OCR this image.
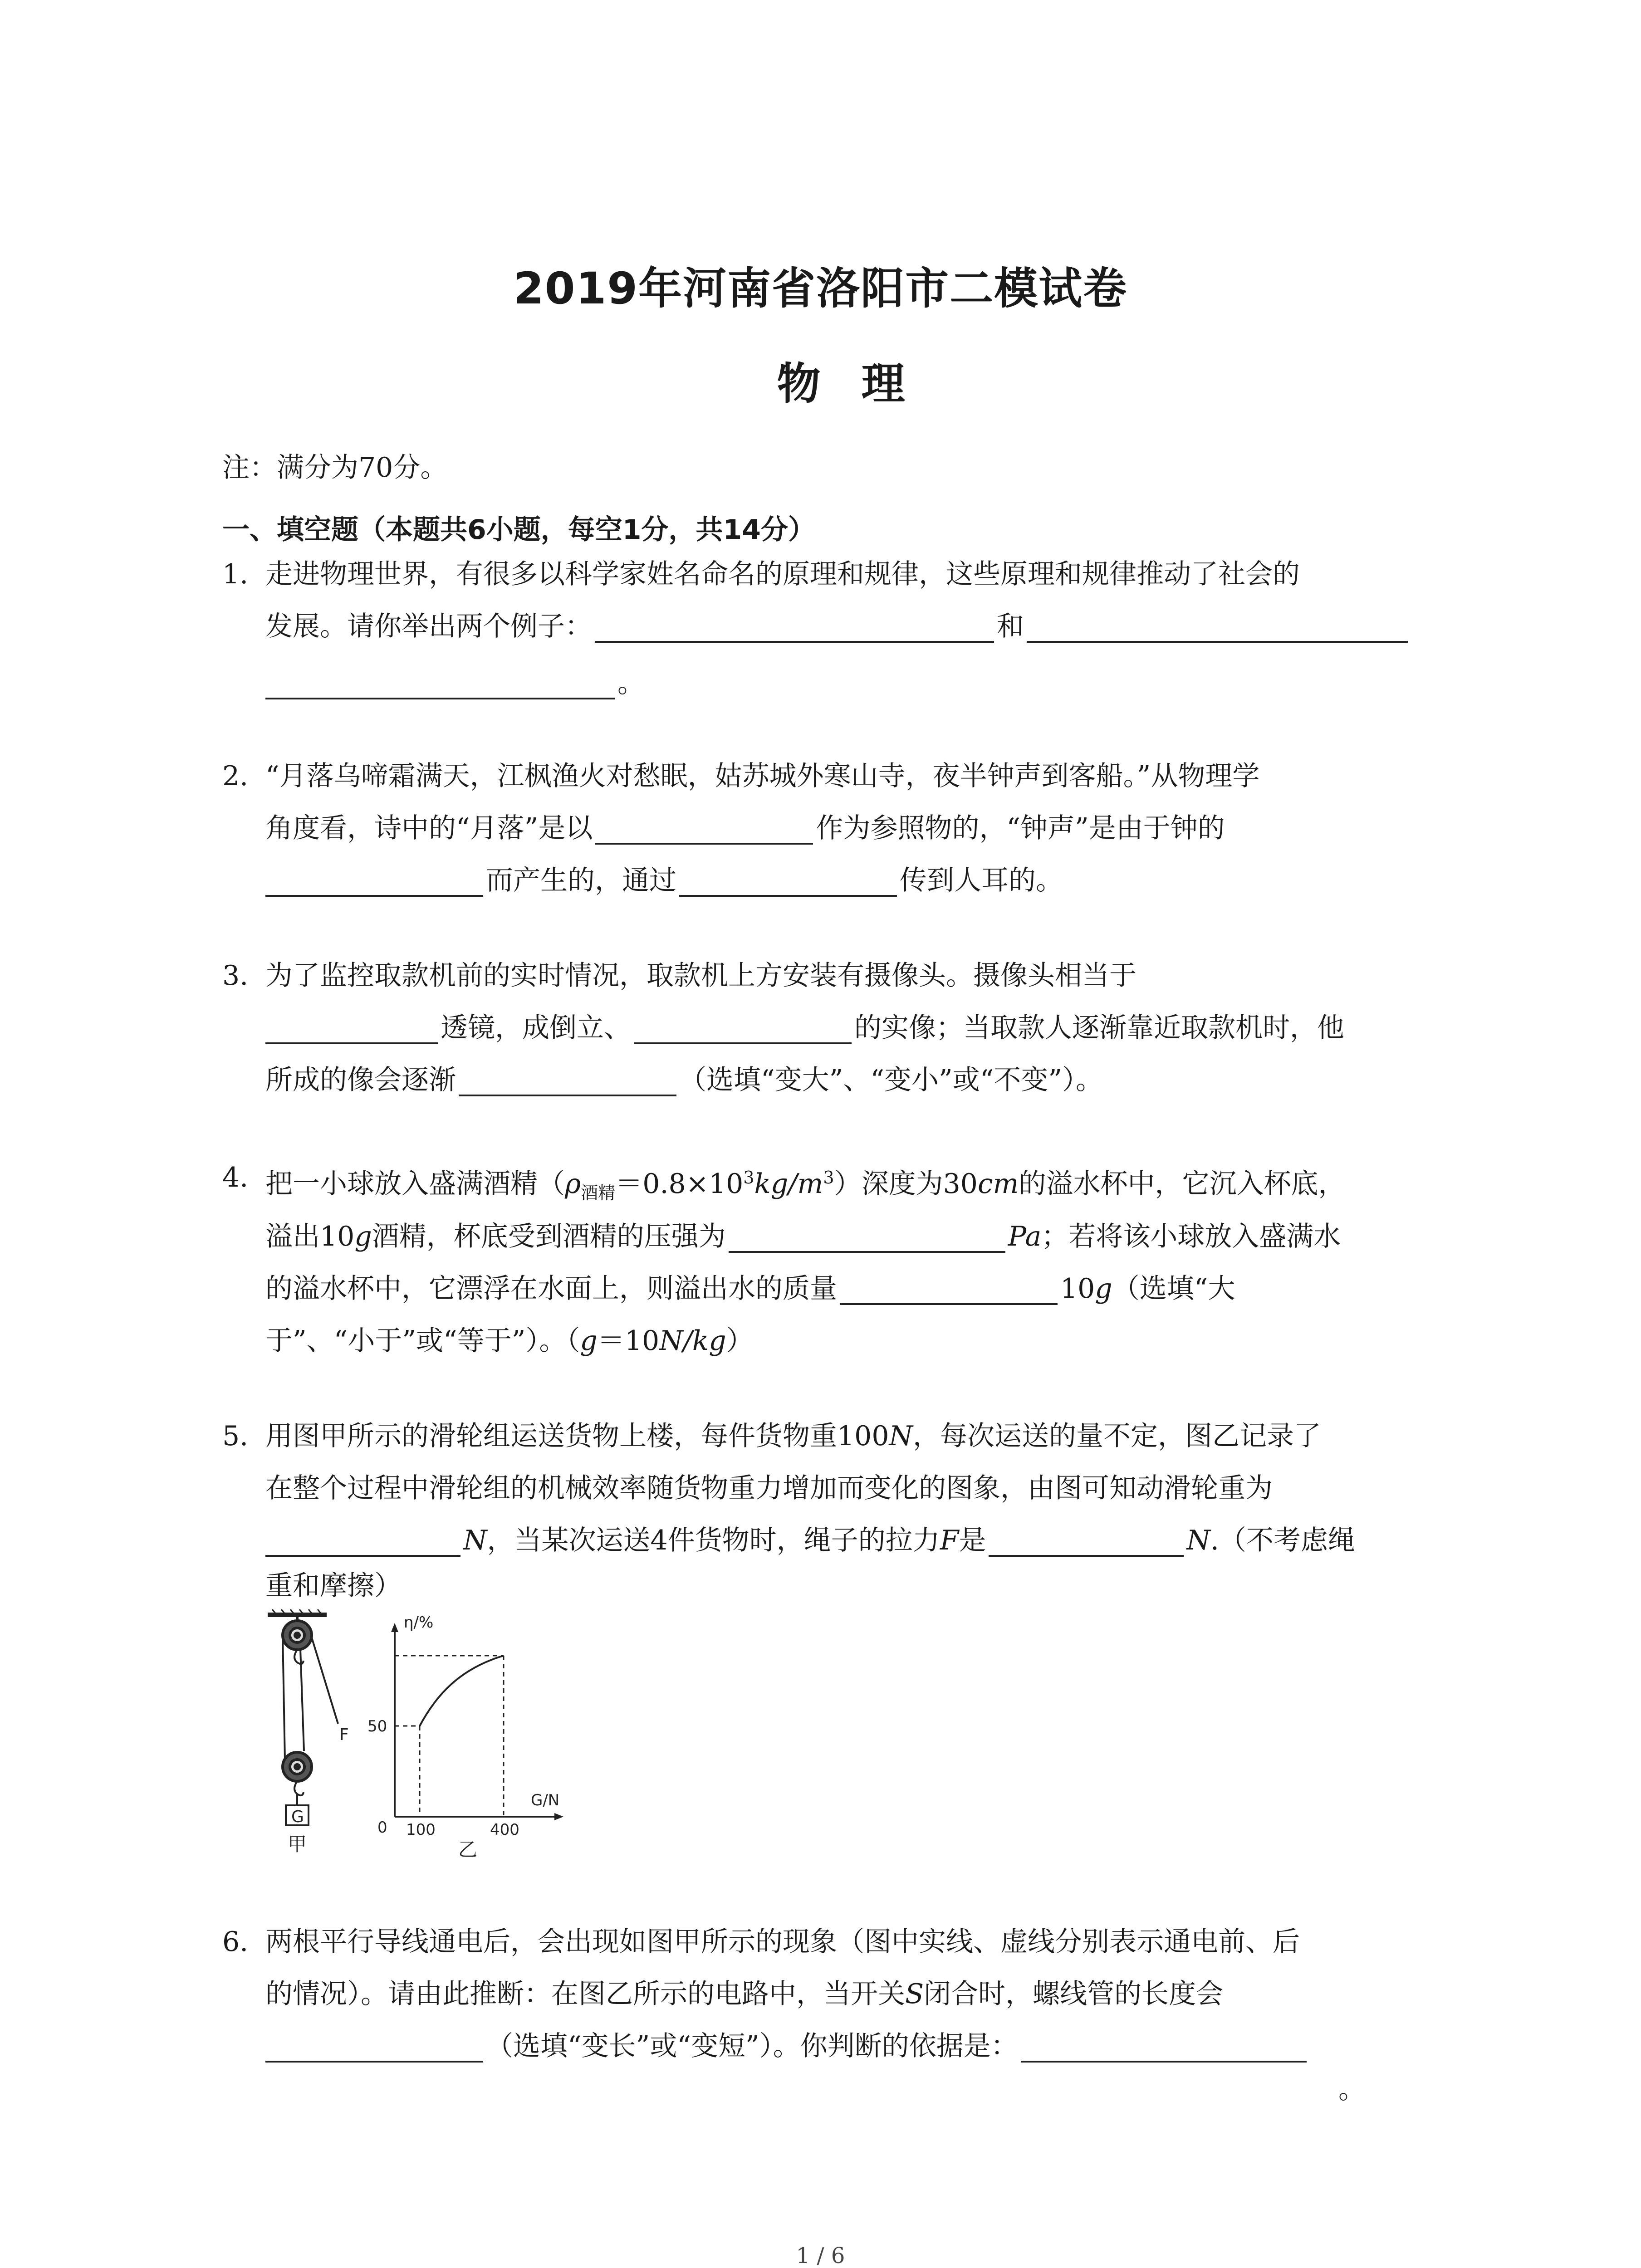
2019年河南省洛阳市二模试卷
物理
注：满分为70分。
一、填空题（本题共6小题，每空1分，共14分）
1. 走进物理世界，有很多以科学家姓名命名的原理和规律，这些原理和规律推动了社会的
发展。请你举出两个例子：	和
。
2. “月落乌啼霜满天，江枫渔火对愁眠，姑苏城外寒山寺，夜半钟声到客船。”从物理学
角度看，诗中的“月落”是以	作为参照物的，“钟声”是由于钟的
而产生的，通过	传到人耳的。
3. 为了监控取款机前的实时情况，取款机上方安装有摄像头。摄像头相当于
透镜，成倒立、	的实像；当取款人逐渐靠近取款机时，他
所成的像会逐渐	（选填“变大”、“变小”或“不变”）。
4. 把一小球放入盛满酒精$(\rho_{酒精}=0.8\times 10^3kg/m^3)$深度为30cm的溢水杯中，它沉入杯底，
溢出10g酒精，杯底受到酒精的压强为	Pa；若将该小球放入盛满水
的溢水杯中，它漂浮在水面上，则溢出水的质量	10g（选填“大
于”、“小于”或“等于”）。（g＝10N/kg）
5. 用图甲所示的滑轮组运送货物上楼，每件货物重100N，每次运送的量不定，图乙记录了
在整个过程中滑轮组的机械效率随货物重力增加而变化的图象，由图可知动滑轮重为
N，当某次运送4件货物时，绳子的拉力F是	N.（不考虑绳
重和摩擦）
F
G
甲
η/%
G/N
50
0 100	400
乙
6. 两根平行导线通电后，会出现如图甲所示的现象（图中实线、虚线分别表示通电前、后
的情况）。请由此推断：在图乙所示的电路中，当开关S闭合时，螺线管的长度会
（选填“变长”或“变短”）。你判断的依据是：
。
1 / 6
